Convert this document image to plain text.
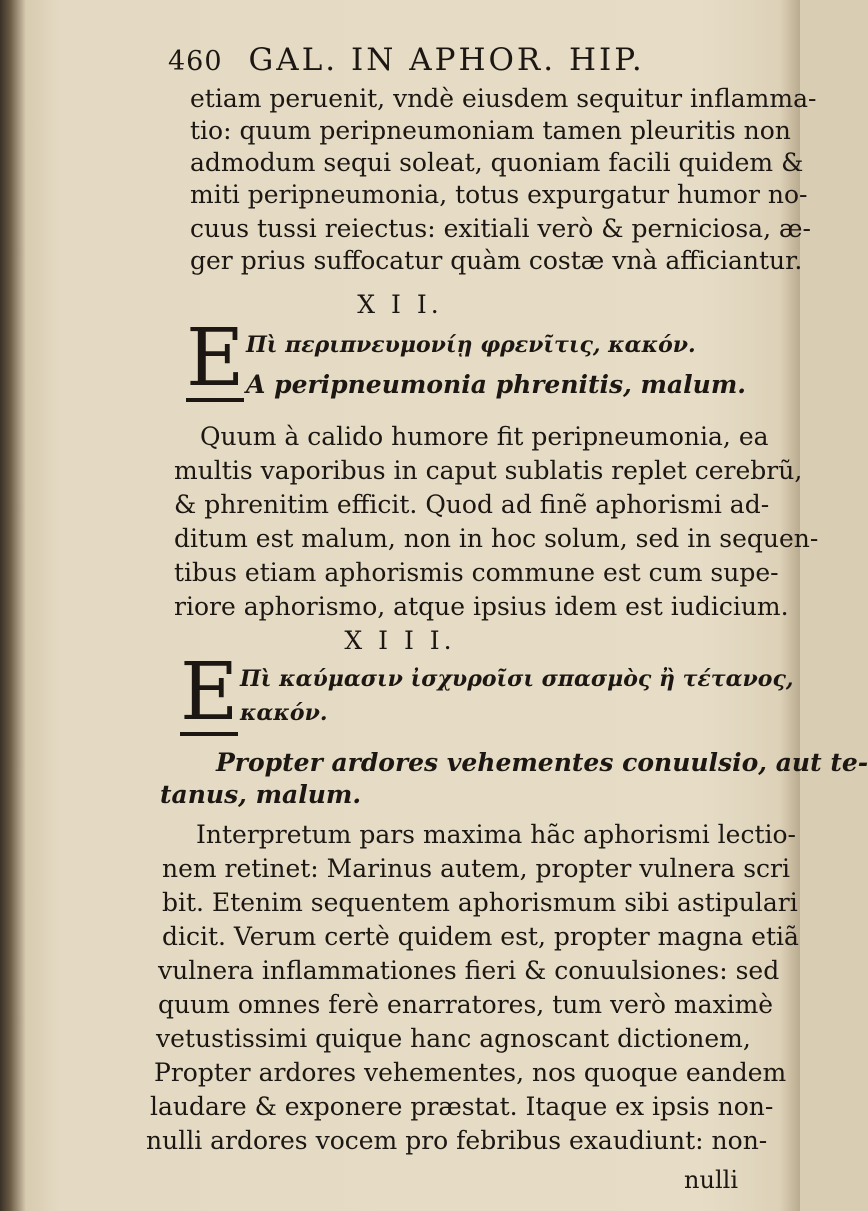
460 GAL. IN APHOR. HIP.
etiam peruenit, vndè eiusdem sequitur inflamma-
tio: quum peripneumoniam tamen pleuritis non
admodum sequi soleat, quoniam facili quidem &
miti peripneumonia, totus expurgatur humor no-
cuus tussi reiectus: exitiali verò & perniciosa, æ-
ger prius suffocatur quàm costæ vnà afficiantur.
X I I.
E Πὶ περιπνευμονίῃ φρενῖτις, κακόν.
A peripneumonia phrenitis, malum.
Quum à calido humore fit peripneumonia, ea
multis vaporibus in caput sublatis replet cerebrũ,
& phrenitim efficit. Quod ad finẽ aphorismi ad-
ditum est malum, non in hoc solum, sed in sequen-
tibus etiam aphorismis commune est cum supe-
riore aphorismo, atque ipsius idem est iudicium.
X I I I.
E Πὶ καύμασιν ἰσχυροῖσι σπασμὸς ἢ τέτανος,
κακόν.
Propter ardores vehementes conuulsio, aut te-
tanus, malum.
Interpretum pars maxima hãc aphorismi lectio-
nem retinet: Marinus autem, propter vulnera scri
bit. Etenim sequentem aphorismum sibi astipulari
dicit. Verum certè quidem est, propter magna etiã
vulnera inflammationes fieri & conuulsiones: sed
quum omnes ferè enarratores, tum verò maximè
vetustissimi quique hanc agnoscant dictionem,
Propter ardores vehementes, nos quoque eandem
laudare & exponere præstat. Itaque ex ipsis non-
nulli ardores vocem pro febribus exaudiunt: non-
nulli
